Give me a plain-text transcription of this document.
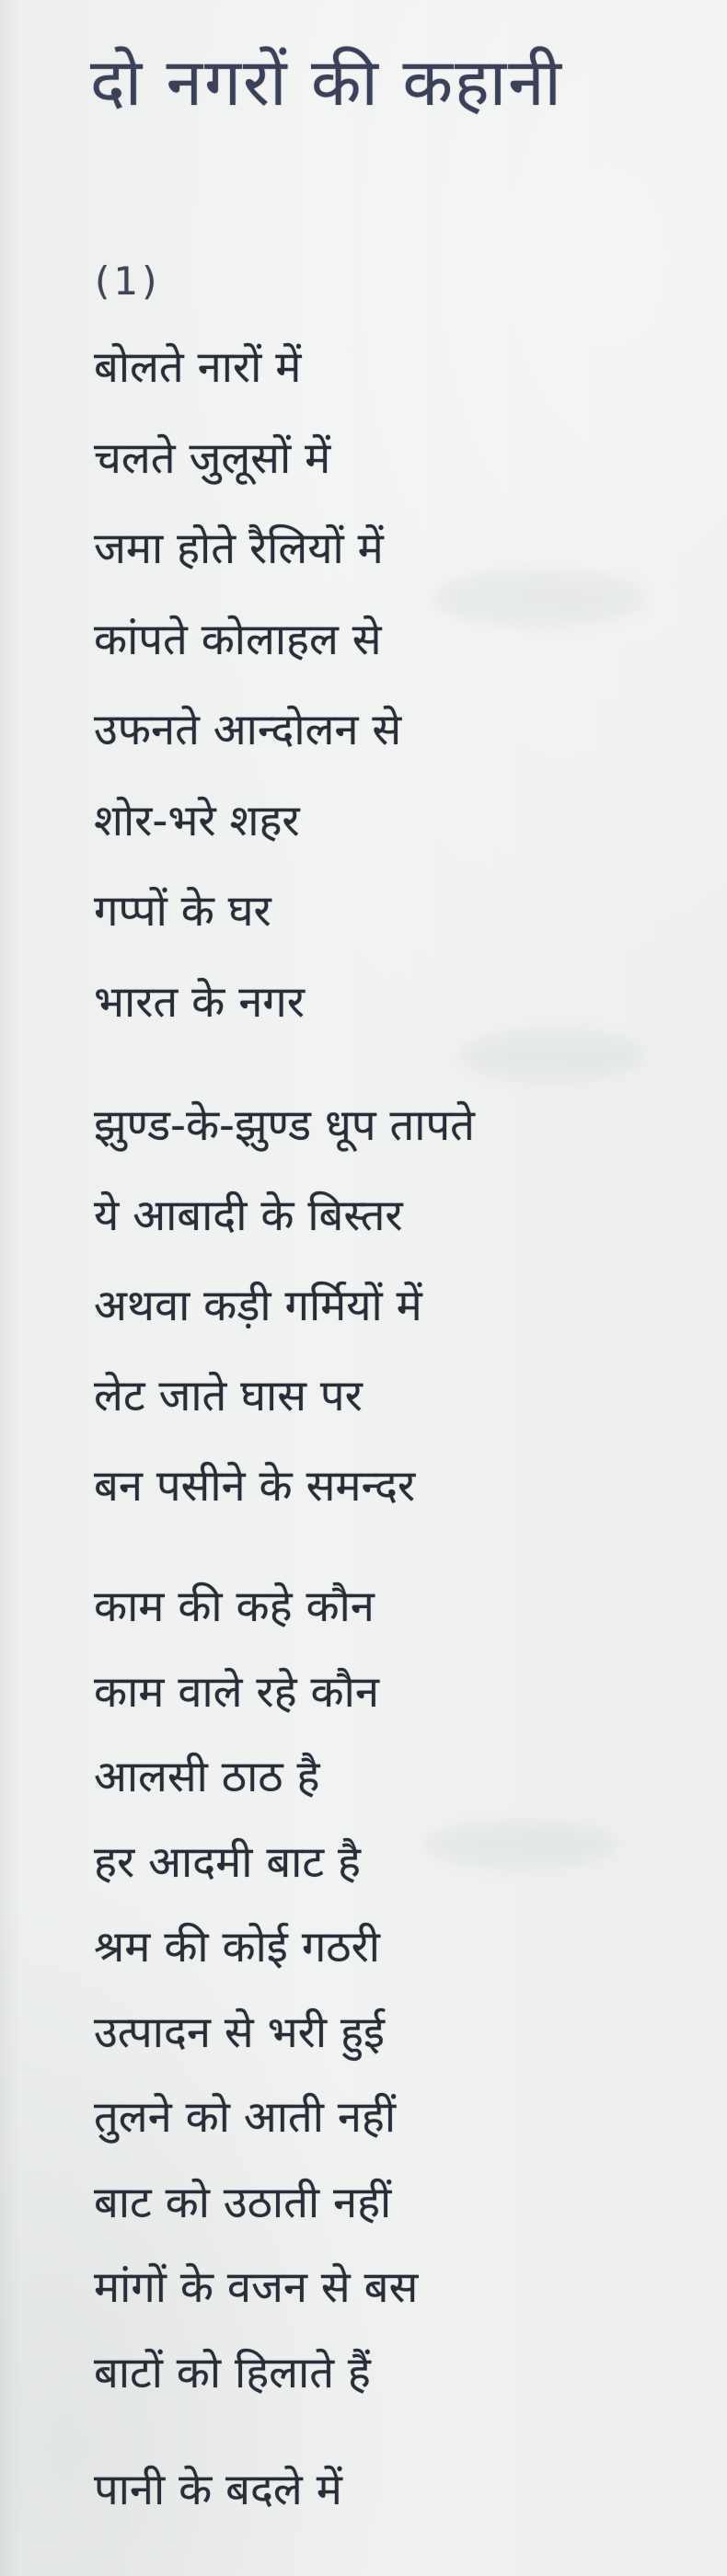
दो नगरों की कहानी
(1)
बोलते नारों में
चलते जुलूसों में
जमा होते रैलियों में
कांपते कोलाहल से
उफनते आन्दोलन से
शोर-भरे शहर
गप्पों के घर
भारत के नगर
झुण्ड-के-झुण्ड धूप तापते
ये आबादी के बिस्तर
अथवा कड़ी गर्मियों में
लेट जाते घास पर
बन पसीने के समन्दर
काम की कहे कौन
काम वाले रहे कौन
आलसी ठाठ है
हर आदमी बाट है
श्रम की कोई गठरी
उत्पादन से भरी हुई
तुलने को आती नहीं
बाट को उठाती नहीं
मांगों के वजन से बस
बाटों को हिलाते हैं
पानी के बदले में
